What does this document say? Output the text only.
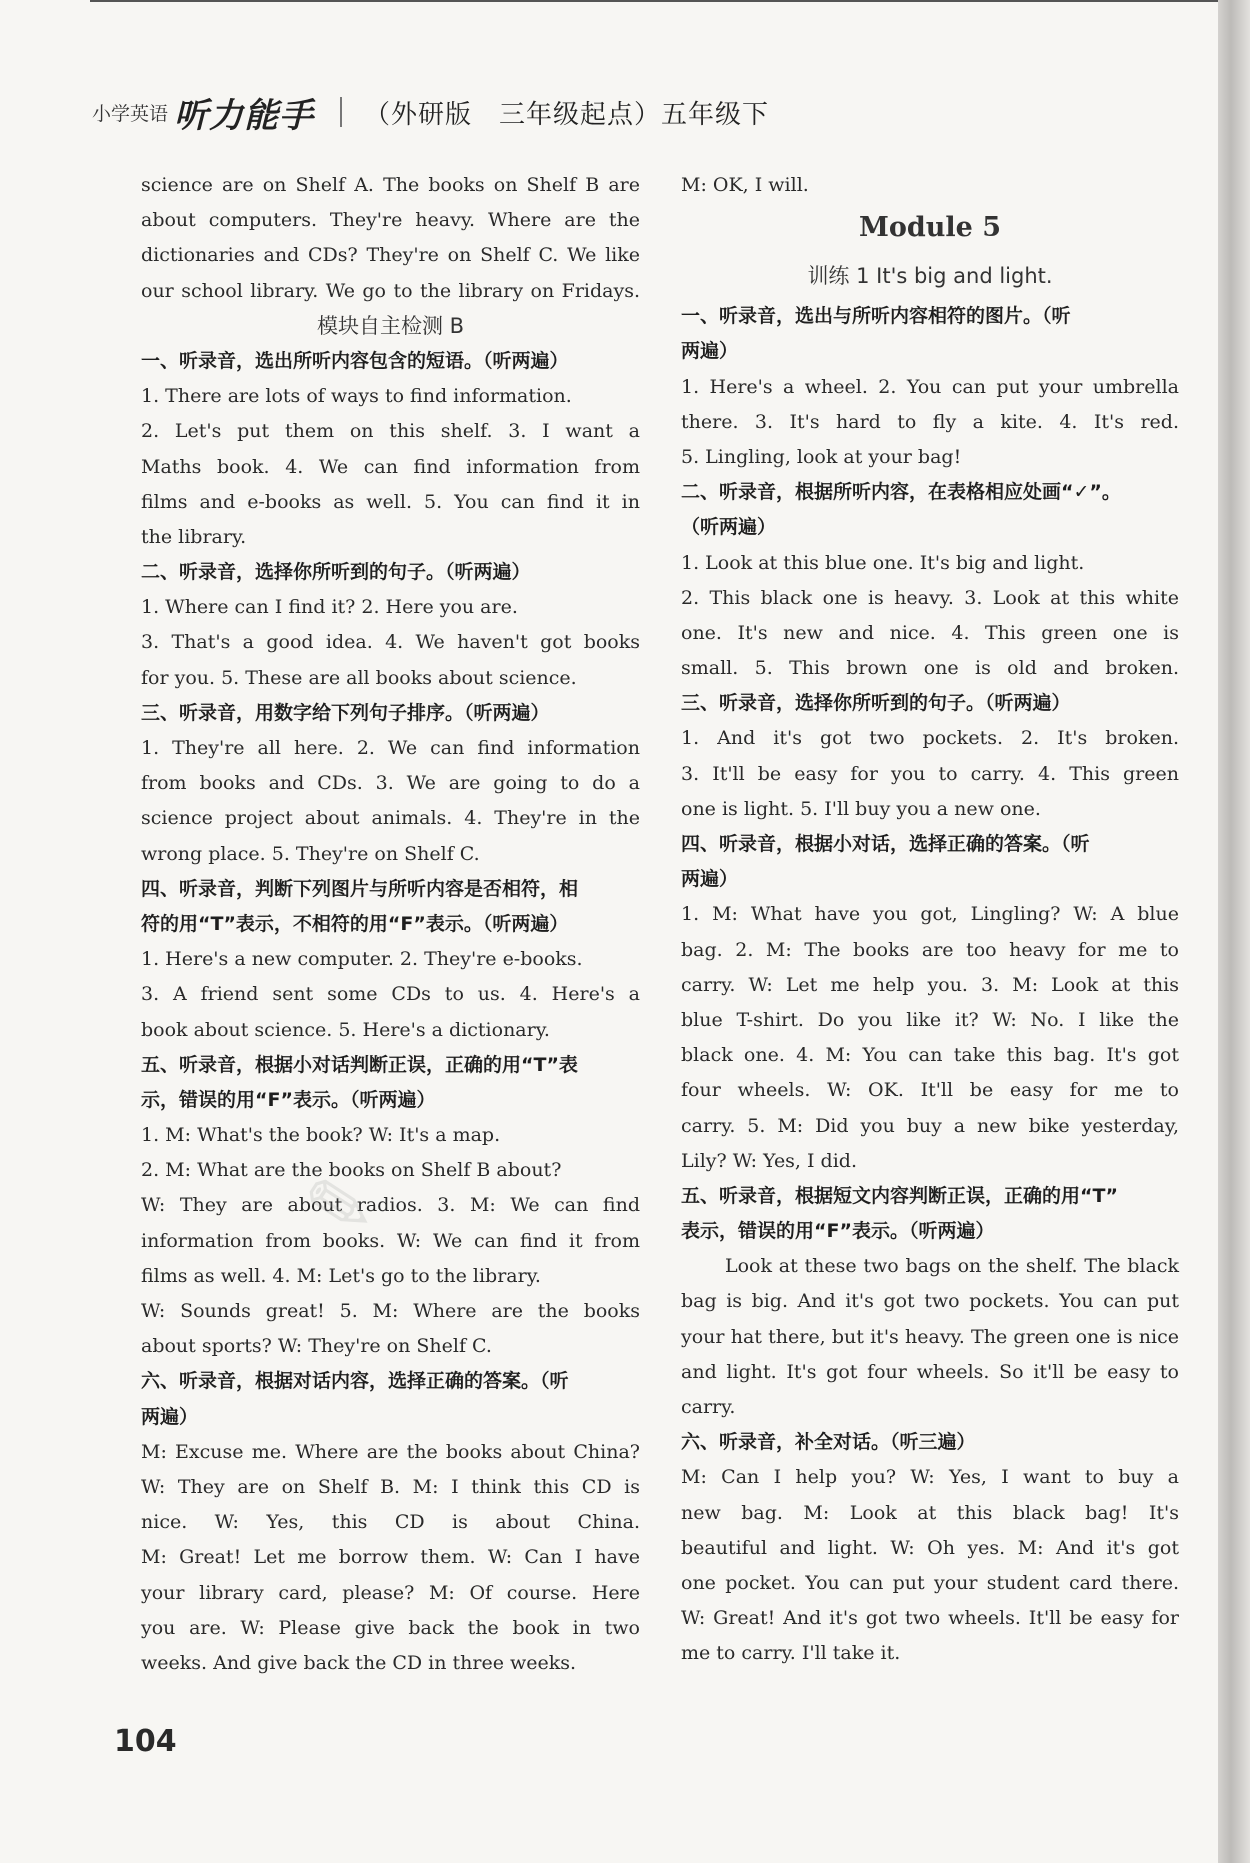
小学英语 听力能手 （外研版　三年级起点）五年级下
science are on Shelf A. The books on Shelf B are
about computers. They're heavy. Where are the
dictionaries and CDs? They're on Shelf C. We like
our school library. We go to the library on Fridays.
模块自主检测 B
一、听录音，选出所听内容包含的短语。（听两遍）
1. There are lots of ways to find information.
2. Let's put them on this shelf. 3. I want a
Maths book. 4. We can find information from
films and e-books as well. 5. You can find it in
the library.
二、听录音，选择你所听到的句子。（听两遍）
1. Where can I find it? 2. Here you are.
3. That's a good idea. 4. We haven't got books
for you. 5. These are all books about science.
三、听录音，用数字给下列句子排序。（听两遍）
1. They're all here. 2. We can find information
from books and CDs. 3. We are going to do a
science project about animals. 4. They're in the
wrong place. 5. They're on Shelf C.
四、听录音，判断下列图片与所听内容是否相符，相
符的用“T”表示，不相符的用“F”表示。（听两遍）
1. Here's a new computer. 2. They're e-books.
3. A friend sent some CDs to us. 4. Here's a
book about science. 5. Here's a dictionary.
五、听录音，根据小对话判断正误，正确的用“T”表
示，错误的用“F”表示。（听两遍）
1. M: What's the book? W: It's a map.
2. M: What are the books on Shelf B about?
W: They are about radios. 3. M: We can find
information from books. W: We can find it from
films as well. 4. M: Let's go to the library.
W: Sounds great! 5. M: Where are the books
about sports? W: They're on Shelf C.
六、听录音，根据对话内容，选择正确的答案。（听
两遍）
M: Excuse me. Where are the books about China?
W: They are on Shelf B. M: I think this CD is
nice. W: Yes, this CD is about China.
M: Great! Let me borrow them. W: Can I have
your library card, please? M: Of course. Here
you are. W: Please give back the book in two
weeks. And give back the CD in three weeks.
M: OK, I will.
Module 5
训练 1 It's big and light.
一、听录音，选出与所听内容相符的图片。（听
两遍）
1. Here's a wheel. 2. You can put your umbrella
there. 3. It's hard to fly a kite. 4. It's red.
5. Lingling, look at your bag!
二、听录音，根据所听内容，在表格相应处画“✓”。
（听两遍）
1. Look at this blue one. It's big and light.
2. This black one is heavy. 3. Look at this white
one. It's new and nice. 4. This green one is
small. 5. This brown one is old and broken.
三、听录音，选择你所听到的句子。（听两遍）
1. And it's got two pockets. 2. It's broken.
3. It'll be easy for you to carry. 4. This green
one is light. 5. I'll buy you a new one.
四、听录音，根据小对话，选择正确的答案。（听
两遍）
1. M: What have you got, Lingling? W: A blue
bag. 2. M: The books are too heavy for me to
carry. W: Let me help you. 3. M: Look at this
blue T-shirt. Do you like it? W: No. I like the
black one. 4. M: You can take this bag. It's got
four wheels. W: OK. It'll be easy for me to
carry. 5. M: Did you buy a new bike yesterday,
Lily? W: Yes, I did.
五、听录音，根据短文内容判断正误，正确的用“T”
表示，错误的用“F”表示。（听两遍）
Look at these two bags on the shelf. The black
bag is big. And it's got two pockets. You can put
your hat there, but it's heavy. The green one is nice
and light. It's got four wheels. So it'll be easy to
carry.
六、听录音，补全对话。（听三遍）
M: Can I help you? W: Yes, I want to buy a
new bag. M: Look at this black bag! It's
beautiful and light. W: Oh yes. M: And it's got
one pocket. You can put your student card there.
W: Great! And it's got two wheels. It'll be easy for
me to carry. I'll take it.
✎
104
